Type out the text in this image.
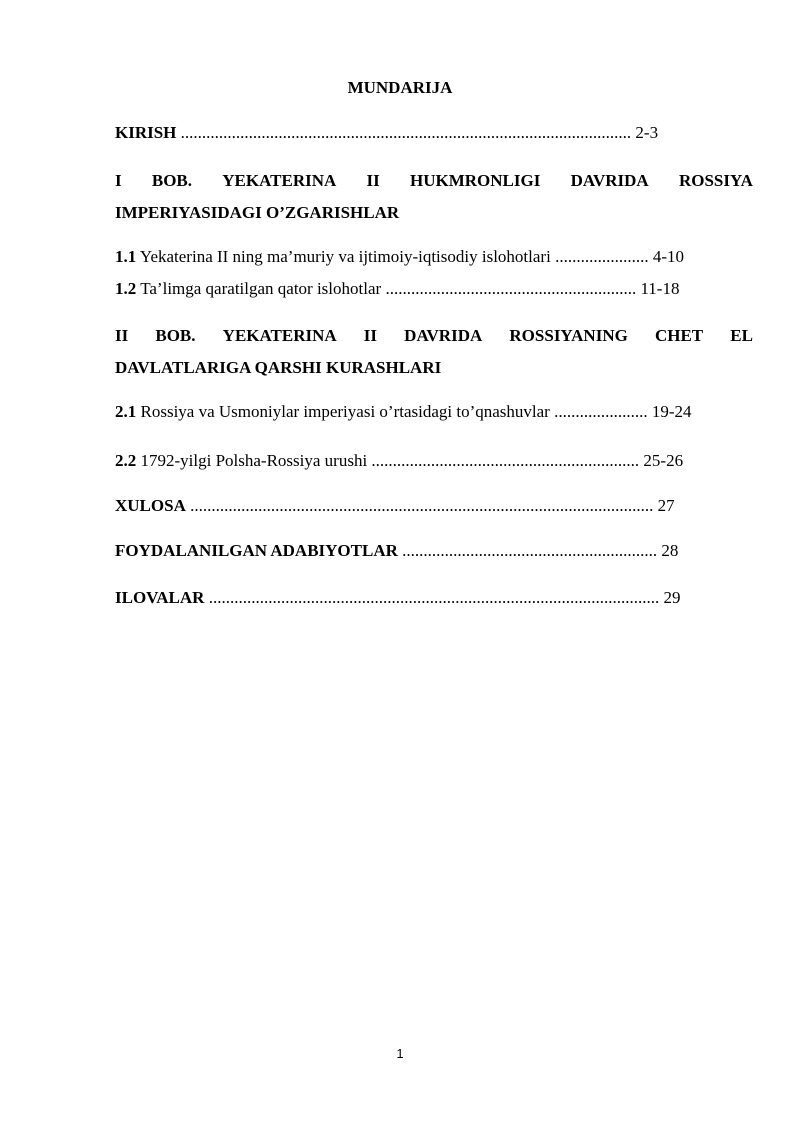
MUNDARIJA
KIRISH .......................................................................................................... 2-3
I BOB. YEKATERINA II HUKMRONLIGI DAVRIDA ROSSIYA
IMPERIYASIDAGI O’ZGARISHLAR
1.1 Yekaterina II ning ma’muriy va ijtimoiy-iqtisodiy islohotlari ...................... 4-10
1.2 Ta’limga qaratilgan qator islohotlar ........................................................... 11-18
II BOB. YEKATERINA II DAVRIDA ROSSIYANING CHET EL
DAVLATLARIGA QARSHI KURASHLARI
2.1 Rossiya va Usmoniylar imperiyasi o’rtasidagi to’qnashuvlar ...................... 19-24
2.2 1792-yilgi Polsha-Rossiya urushi ............................................................... 25-26
XULOSA ............................................................................................................. 27
FOYDALANILGAN ADABIYOTLAR ............................................................ 28
ILOVALAR .......................................................................................................... 29
1
